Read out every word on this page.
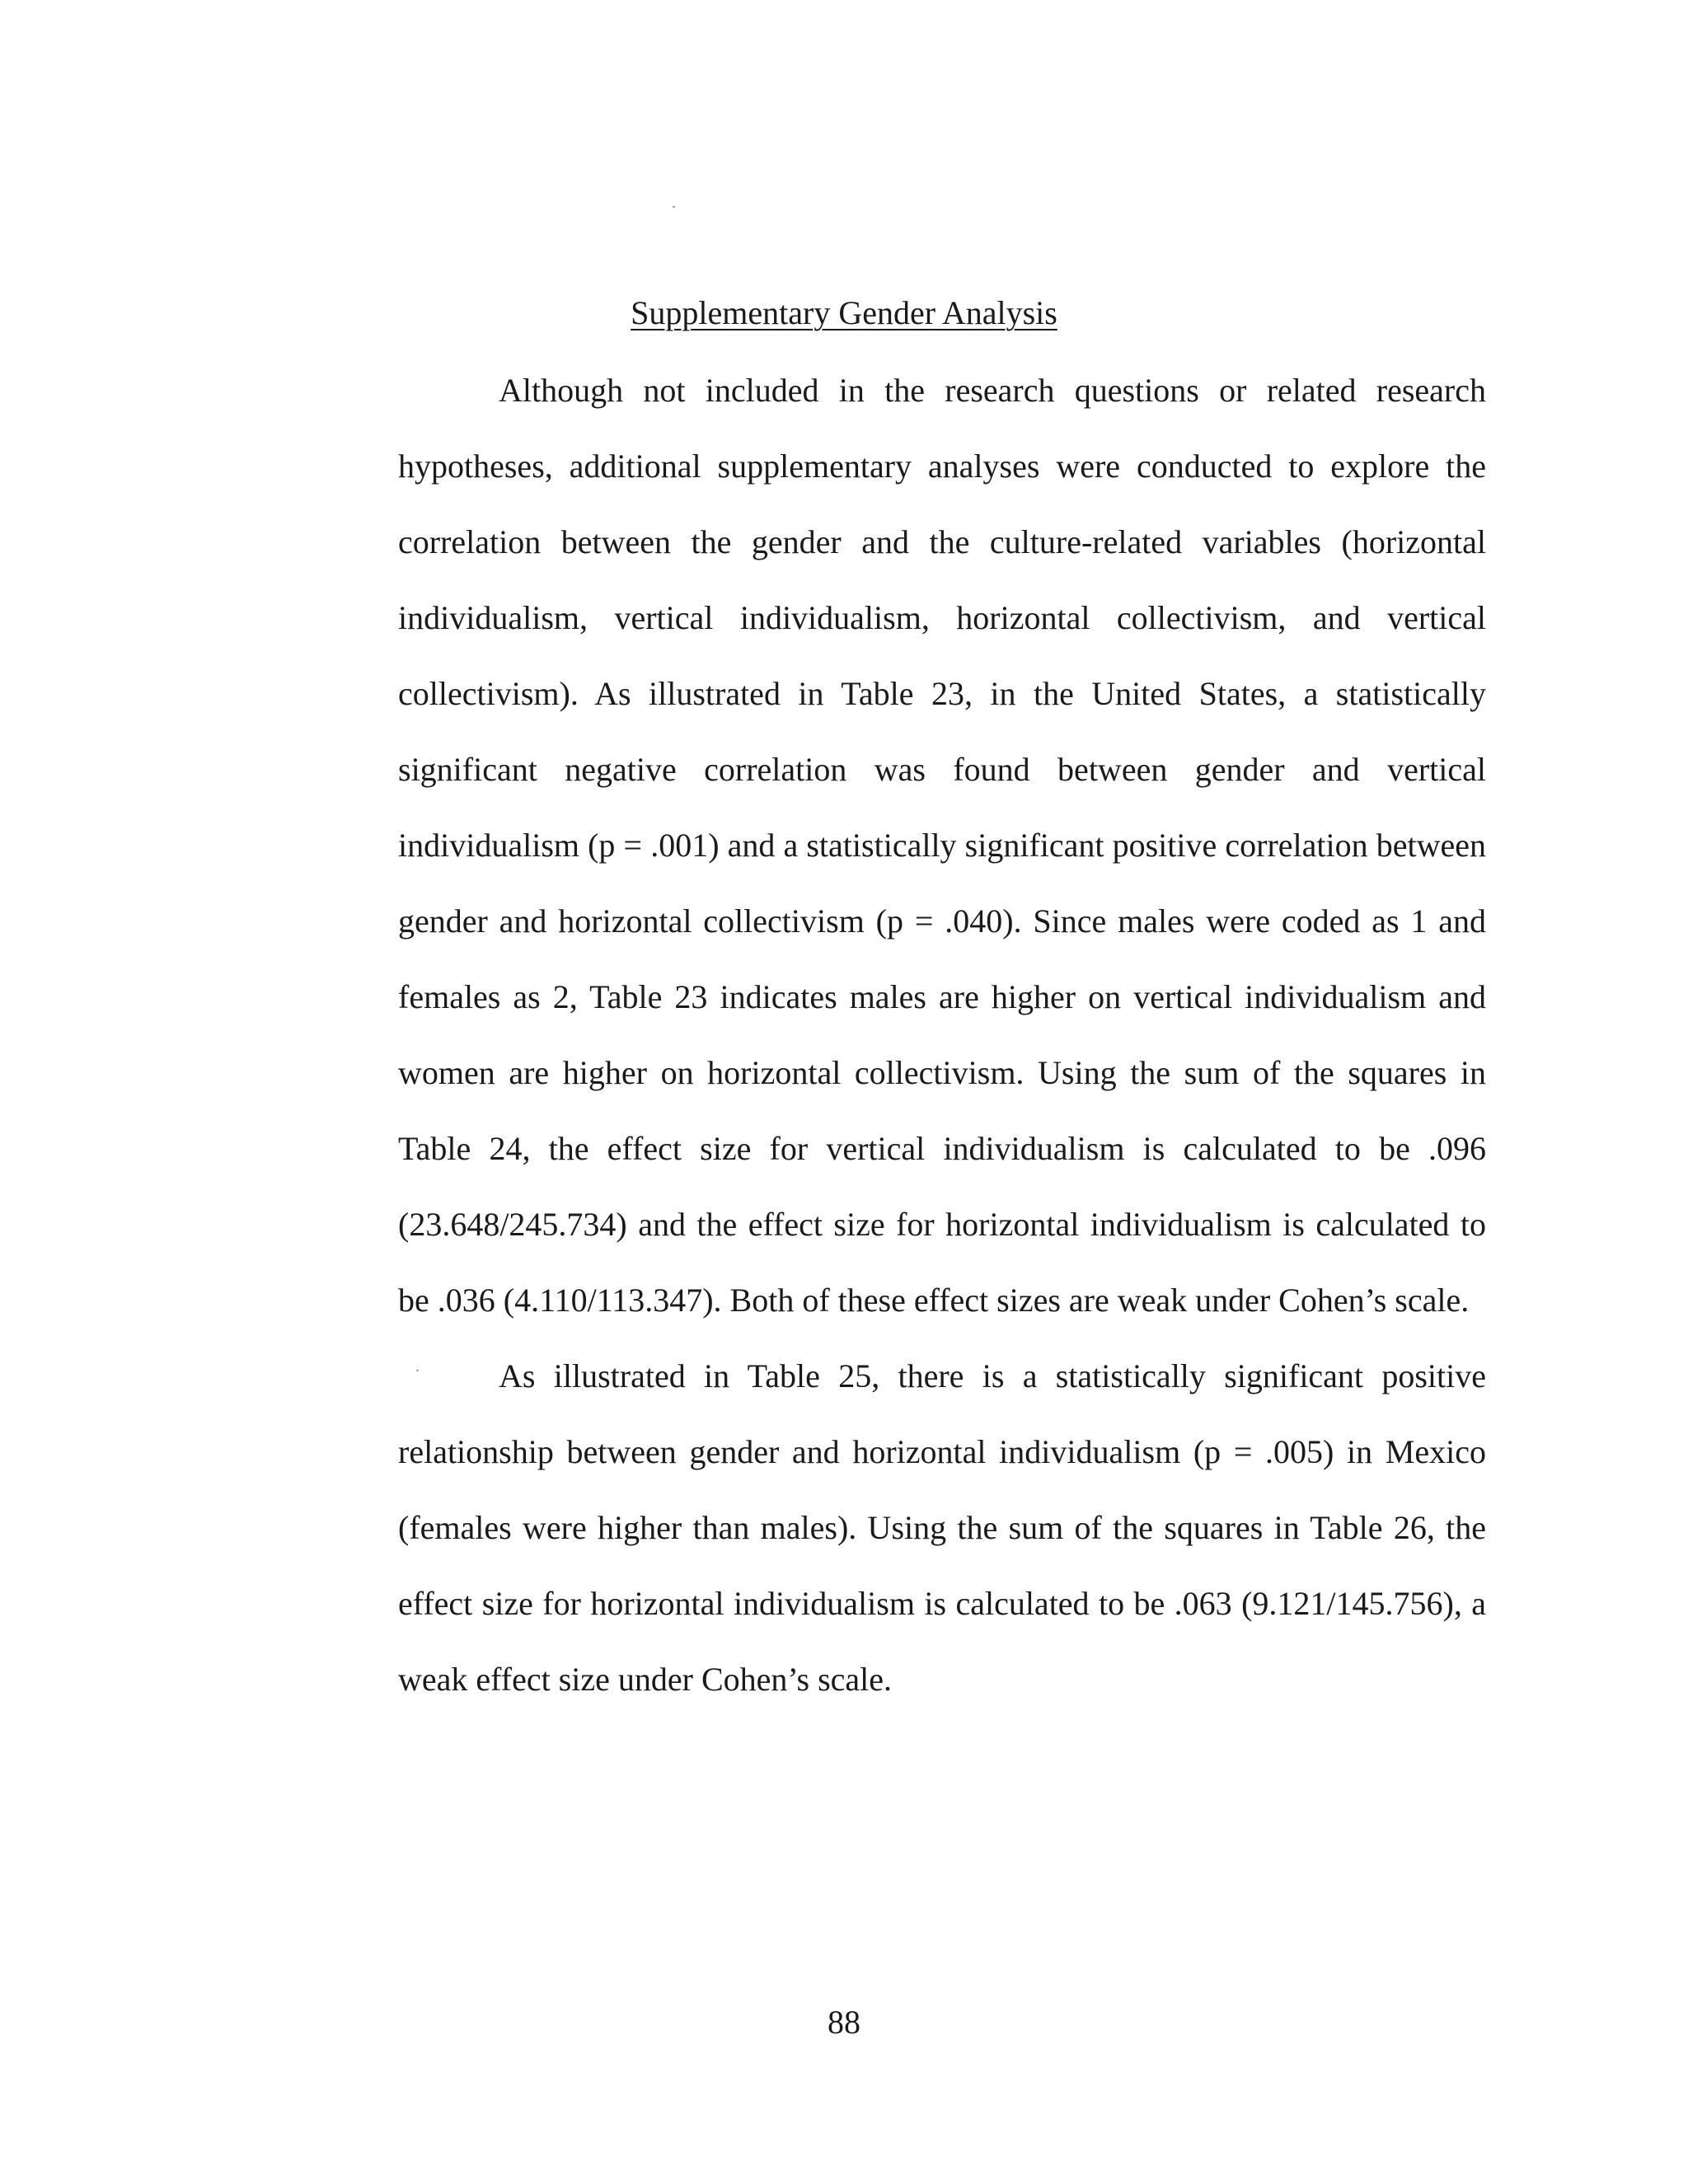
Supplementary Gender Analysis

Although not included in the research questions or related research hypotheses, additional supplementary analyses were conducted to explore the correlation between the gender and the culture-related variables (horizontal individualism, vertical individualism, horizontal collectivism, and vertical collectivism). As illustrated in Table 23, in the United States, a statistically significant negative correlation was found between gender and vertical individualism (p = .001) and a statistically significant positive correlation between gender and horizontal collectivism (p = .040). Since males were coded as 1 and females as 2, Table 23 indicates males are higher on vertical individualism and women are higher on horizontal collectivism. Using the sum of the squares in Table 24, the effect size for vertical individualism is calculated to be .096 (23.648/245.734) and the effect size for horizontal individualism is calculated to be .036 (4.110/113.347). Both of these effect sizes are weak under Cohen’s scale.

As illustrated in Table 25, there is a statistically significant positive relationship between gender and horizontal individualism (p = .005) in Mexico (females were higher than males). Using the sum of the squares in Table 26, the effect size for horizontal individualism is calculated to be .063 (9.121/145.756), a weak effect size under Cohen’s scale.

88
